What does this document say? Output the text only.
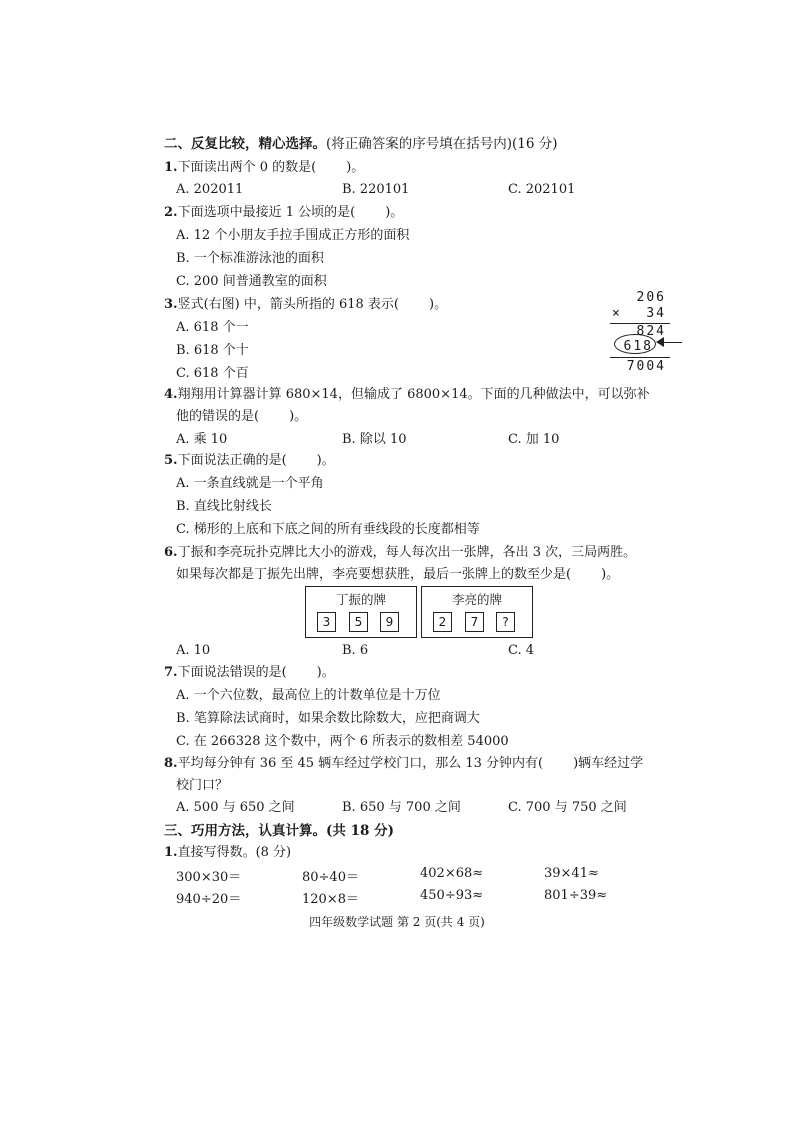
二、反复比较，精心选择。(将正确答案的序号填在括号内)(16 分)
1.下面读出两个 0 的数是( )。
A. 202011	B. 220101	C. 202101
2.下面选项中最接近 1 公顷的是( )。
A. 12 个小朋友手拉手围成正方形的面积
B. 一个标准游泳池的面积
C. 200 间普通教室的面积
3.竖式(右图) 中，箭头所指的 618 表示( )。
A. 618 个一
B. 618 个十
C. 618 个百
206
× 34
824
618
7004
4.翔翔用计算器计算 680×14，但输成了 6800×14。下面的几种做法中，可以弥补
他的错误的是( )。
A. 乘 10	B. 除以 10	C. 加 10
5.下面说法正确的是( )。
A. 一条直线就是一个平角
B. 直线比射线长
C. 梯形的上底和下底之间的所有垂线段的长度都相等
6.丁振和李亮玩扑克牌比大小的游戏，每人每次出一张牌，各出 3 次，三局两胜。
如果每次都是丁振先出牌，李亮要想获胜，最后一张牌上的数至少是( )。
丁振的牌
3	5	9
李亮的牌
2	7	?
A. 10	B. 6	C. 4
7.下面说法错误的是( )。
A. 一个六位数，最高位上的计数单位是十万位
B. 笔算除法试商时，如果余数比除数大，应把商调大
C. 在 266328 这个数中，两个 6 所表示的数相差 54000
8.平均每分钟有 36 至 45 辆车经过学校门口，那么 13 分钟内有( )辆车经过学
校门口？
A. 500 与 650 之间	B. 650 与 700 之间	C. 700 与 750 之间
三、巧用方法，认真计算。(共 18 分)
1.直接写得数。(8 分)
300×30＝	80÷40＝	402×68≈	39×41≈
940÷20＝	120×8＝	450÷93≈	801÷39≈
四年级数学试题 第 2 页(共 4 页)
